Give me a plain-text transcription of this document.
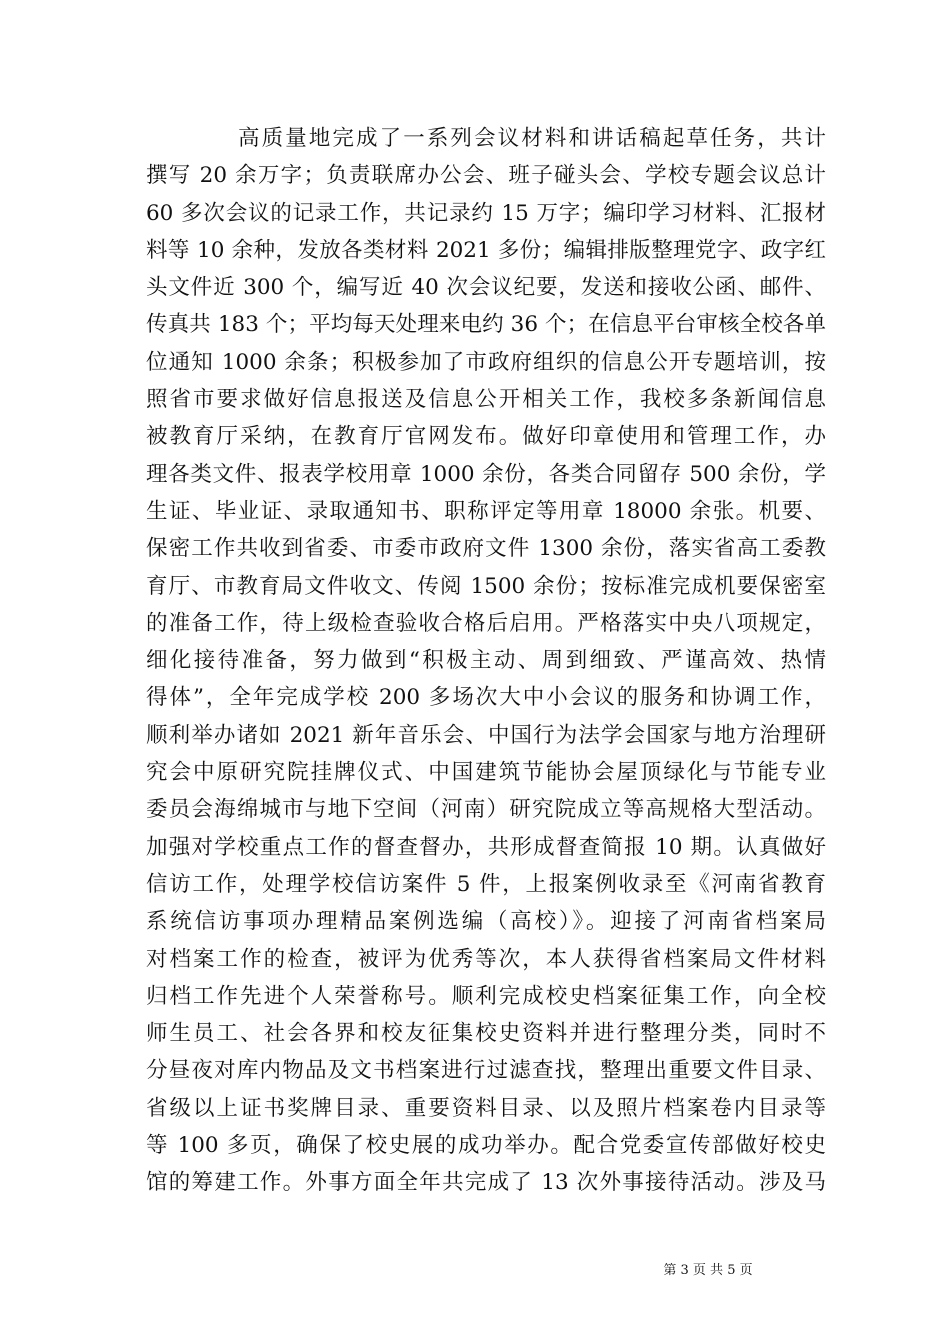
高质量地完成了一系列会议材料和讲话稿起草任务，共计
撰写 20 余万字；负责联席办公会、班子碰头会、学校专题会议总计
60 多次会议的记录工作，共记录约 15 万字；编印学习材料、汇报材
料等 10 余种，发放各类材料 2021 多份；编辑排版整理党字、政字红
头文件近 300 个，编写近 40 次会议纪要，发送和接收公函、邮件、
传真共 183 个；平均每天处理来电约 36 个；在信息平台审核全校各单
位通知 1000 余条；积极参加了市政府组织的信息公开专题培训，按
照省市要求做好信息报送及信息公开相关工作，我校多条新闻信息
被教育厅采纳，在教育厅官网发布。做好印章使用和管理工作，办
理各类文件、报表学校用章 1000 余份，各类合同留存 500 余份，学
生证、毕业证、录取通知书、职称评定等用章 18000 余张。机要、
保密工作共收到省委、市委市政府文件 1300 余份，落实省高工委教
育厅、市教育局文件收文、传阅 1500 余份；按标准完成机要保密室
的准备工作，待上级检查验收合格后启用。严格落实中央八项规定，
细化接待准备，努力做到“积极主动、周到细致、严谨高效、热情
得体”，全年完成学校 200 多场次大中小会议的服务和协调工作，
顺利举办诸如 2021 新年音乐会、中国行为法学会国家与地方治理研
究会中原研究院挂牌仪式、中国建筑节能协会屋顶绿化与节能专业
委员会海绵城市与地下空间（河南）研究院成立等高规格大型活动。
加强对学校重点工作的督查督办，共形成督查简报 10 期。认真做好
信访工作，处理学校信访案件 5 件，上报案例收录至《河南省教育
系统信访事项办理精品案例选编（高校）》。迎接了河南省档案局
对档案工作的检查，被评为优秀等次，本人获得省档案局文件材料
归档工作先进个人荣誉称号。顺利完成校史档案征集工作，向全校
师生员工、社会各界和校友征集校史资料并进行整理分类，同时不
分昼夜对库内物品及文书档案进行过滤查找，整理出重要文件目录、
省级以上证书奖牌目录、重要资料目录、以及照片档案卷内目录等
等 100 多页，确保了校史展的成功举办。配合党委宣传部做好校史
馆的筹建工作。外事方面全年共完成了 13 次外事接待活动。涉及马
第 3 页 共 5 页
